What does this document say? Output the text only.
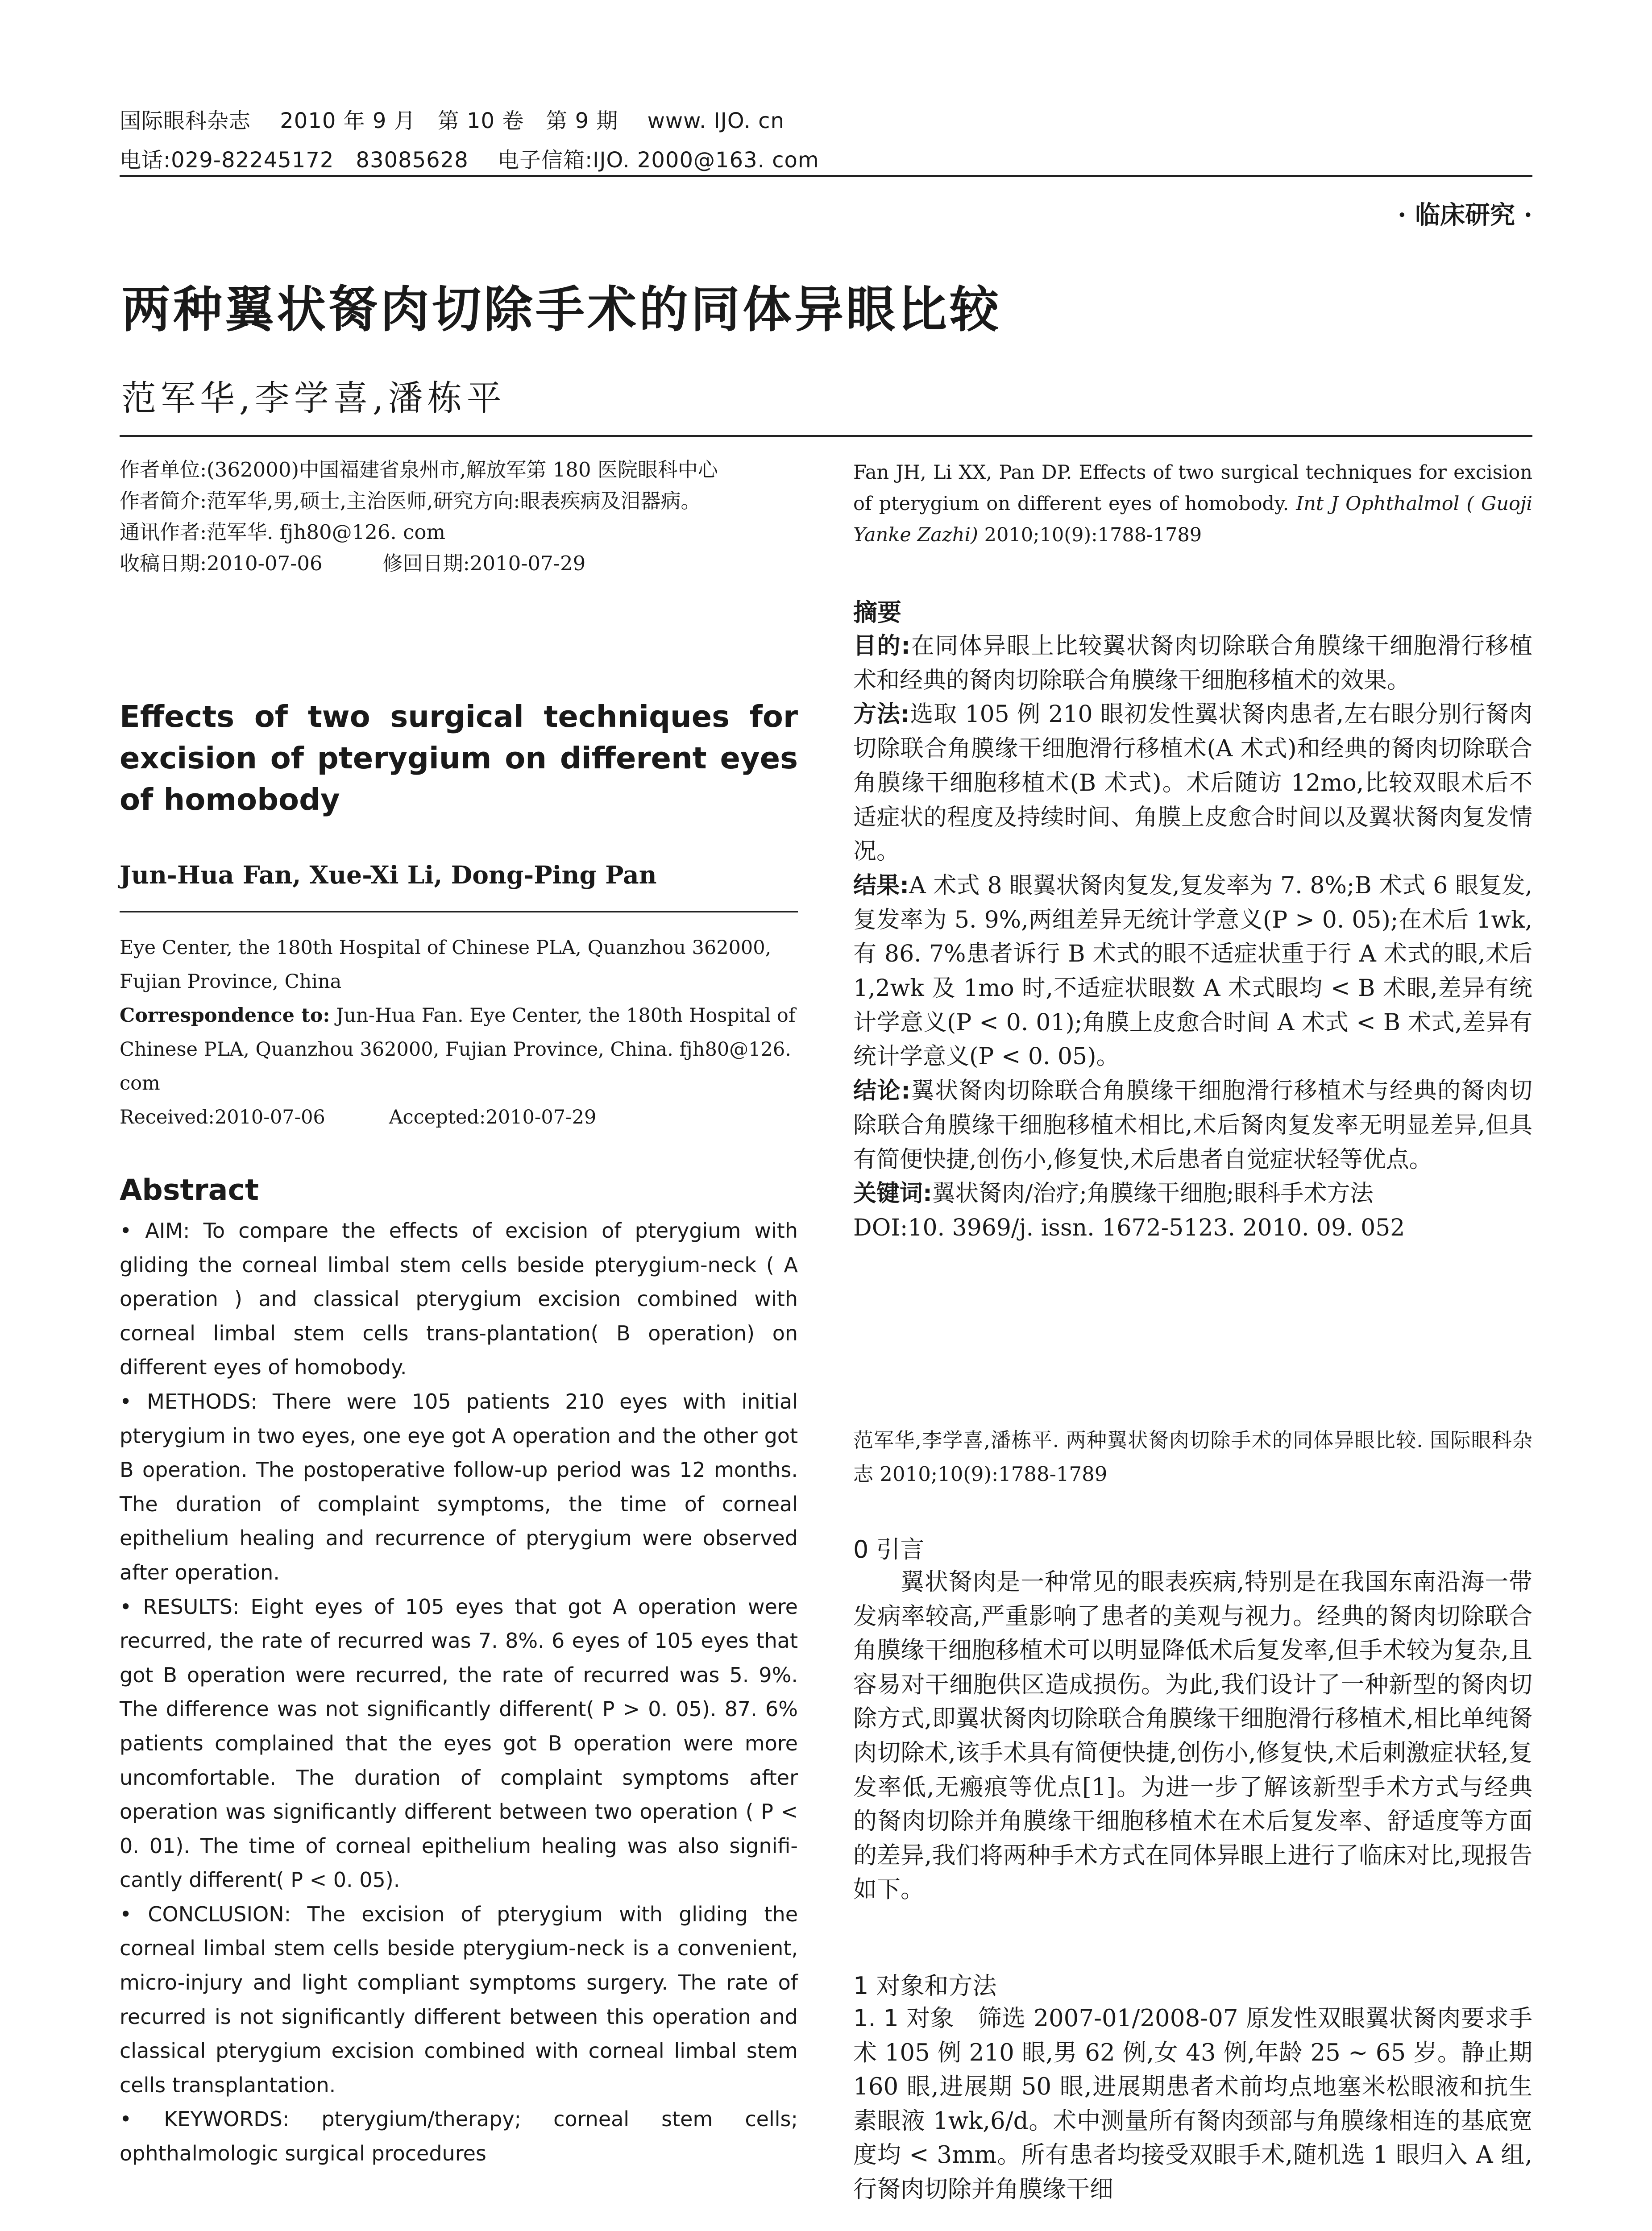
国际眼科杂志　 2010 年 9 月　第 10 卷　第 9 期　 www. IJO. cn
电话:029-82245172　83085628　 电子信箱:IJO. 2000@163. com
· 临床研究 ·
两种翼状胬肉切除手术的同体异眼比较
范军华,李学喜,潘栋平

作者单位:(362000)中国福建省泉州市,解放军第 180 医院眼科中心

作者简介:范军华,男,硕士,主治医师,研究方向:眼表疾病及泪器病。

通讯作者:范军华. fjh80@126. com

收稿日期:2010-07-06　　　修回日期:2010-07-29

Effects of two surgical techniques for excision of pterygium on different eyes of homobody
Jun-Hua Fan, Xue-Xi Li, Dong-Ping Pan

Eye Center, the 180th Hospital of Chinese PLA, Quanzhou 362000, Fujian Province, China

Correspondence to: Jun-Hua Fan. Eye Center, the 180th Hospital of Chinese PLA, Quanzhou 362000, Fujian Province, China. fjh80@126. com

Received:2010-07-06　　　 Accepted:2010-07-29

Abstract

• AIM: To compare the effects of excision of pterygium with gliding the corneal limbal stem cells beside pterygium-neck ( A operation ) and classical pterygium excision combined with corneal limbal stem cells trans-plantation( B operation) on different eyes of homobody.

• METHODS: There were 105 patients 210 eyes with initial pterygium in two eyes, one eye got A operation and the other got B operation. The postoperative follow-up period was 12 months. The duration of complaint symptoms, the time of corneal epithelium healing and recurrence of pterygium were observed after operation.

• RESULTS: Eight eyes of 105 eyes that got A operation were recurred, the rate of recurred was 7. 8%. 6 eyes of 105 eyes that got B operation were recurred, the rate of recurred was 5. 9%. The difference was not significantly different( P > 0. 05). 87. 6% patients complained that the eyes got B operation were more uncomfortable. The duration of complaint symptoms after operation was significantly different between two operation ( P < 0. 01). The time of corneal epithelium healing was also signifi-cantly different( P < 0. 05).

• CONCLUSION: The excision of pterygium with gliding the corneal limbal stem cells beside pterygium-neck is a convenient, micro-injury and light compliant symptoms surgery. The rate of recurred is not significantly different between this operation and classical pterygium excision combined with corneal limbal stem cells transplantation.

• KEYWORDS: pterygium/therapy; corneal stem cells; ophthalmologic surgical procedures

Fan JH, Li XX, Pan DP. Effects of two surgical techniques for excision of pterygium on different eyes of homobody. Int J Ophthalmol ( Guoji Yanke Zazhi) 2010;10(9):1788-1789
摘要

目的:在同体异眼上比较翼状胬肉切除联合角膜缘干细胞滑行移植术和经典的胬肉切除联合角膜缘干细胞移植术的效果。

方法:选取 105 例 210 眼初发性翼状胬肉患者,左右眼分别行胬肉切除联合角膜缘干细胞滑行移植术(A 术式)和经典的胬肉切除联合角膜缘干细胞移植术(B 术式)。术后随访 12mo,比较双眼术后不适症状的程度及持续时间、角膜上皮愈合时间以及翼状胬肉复发情况。

结果:A 术式 8 眼翼状胬肉复发,复发率为 7. 8%;B 术式 6 眼复发,复发率为 5. 9%,两组差异无统计学意义(P > 0. 05);在术后 1wk,有 86. 7%患者诉行 B 术式的眼不适症状重于行 A 术式的眼,术后 1,2wk 及 1mo 时,不适症状眼数 A 术式眼均 < B 术眼,差异有统计学意义(P < 0. 01);角膜上皮愈合时间 A 术式 < B 术式,差异有统计学意义(P < 0. 05)。

结论:翼状胬肉切除联合角膜缘干细胞滑行移植术与经典的胬肉切除联合角膜缘干细胞移植术相比,术后胬肉复发率无明显差异,但具有简便快捷,创伤小,修复快,术后患者自觉症状轻等优点。

关键词:翼状胬肉/治疗;角膜缘干细胞;眼科手术方法

DOI:10. 3969/j. issn. 1672-5123. 2010. 09. 052

范军华,李学喜,潘栋平. 两种翼状胬肉切除手术的同体异眼比较. 国际眼科杂志 2010;10(9):1788-1789
0 引言

翼状胬肉是一种常见的眼表疾病,特别是在我国东南沿海一带发病率较高,严重影响了患者的美观与视力。经典的胬肉切除联合角膜缘干细胞移植术可以明显降低术后复发率,但手术较为复杂,且容易对干细胞供区造成损伤。为此,我们设计了一种新型的胬肉切除方式,即翼状胬肉切除联合角膜缘干细胞滑行移植术,相比单纯胬肉切除术,该手术具有简便快捷,创伤小,修复快,术后刺激症状轻,复发率低,无瘢痕等优点[1]。为进一步了解该新型手术方式与经典的胬肉切除并角膜缘干细胞移植术在术后复发率、舒适度等方面的差异,我们将两种手术方式在同体异眼上进行了临床对比,现报告如下。

1 对象和方法

1. 1 对象　筛选 2007-01/2008-07 原发性双眼翼状胬肉要求手术 105 例 210 眼,男 62 例,女 43 例,年龄 25 ~ 65 岁。静止期 160 眼,进展期 50 眼,进展期患者术前均点地塞米松眼液和抗生素眼液 1wk,6/d。术中测量所有胬肉颈部与角膜缘相连的基底宽度均 < 3mm。所有患者均接受双眼手术,随机选 1 眼归入 A 组,行胬肉切除并角膜缘干细
